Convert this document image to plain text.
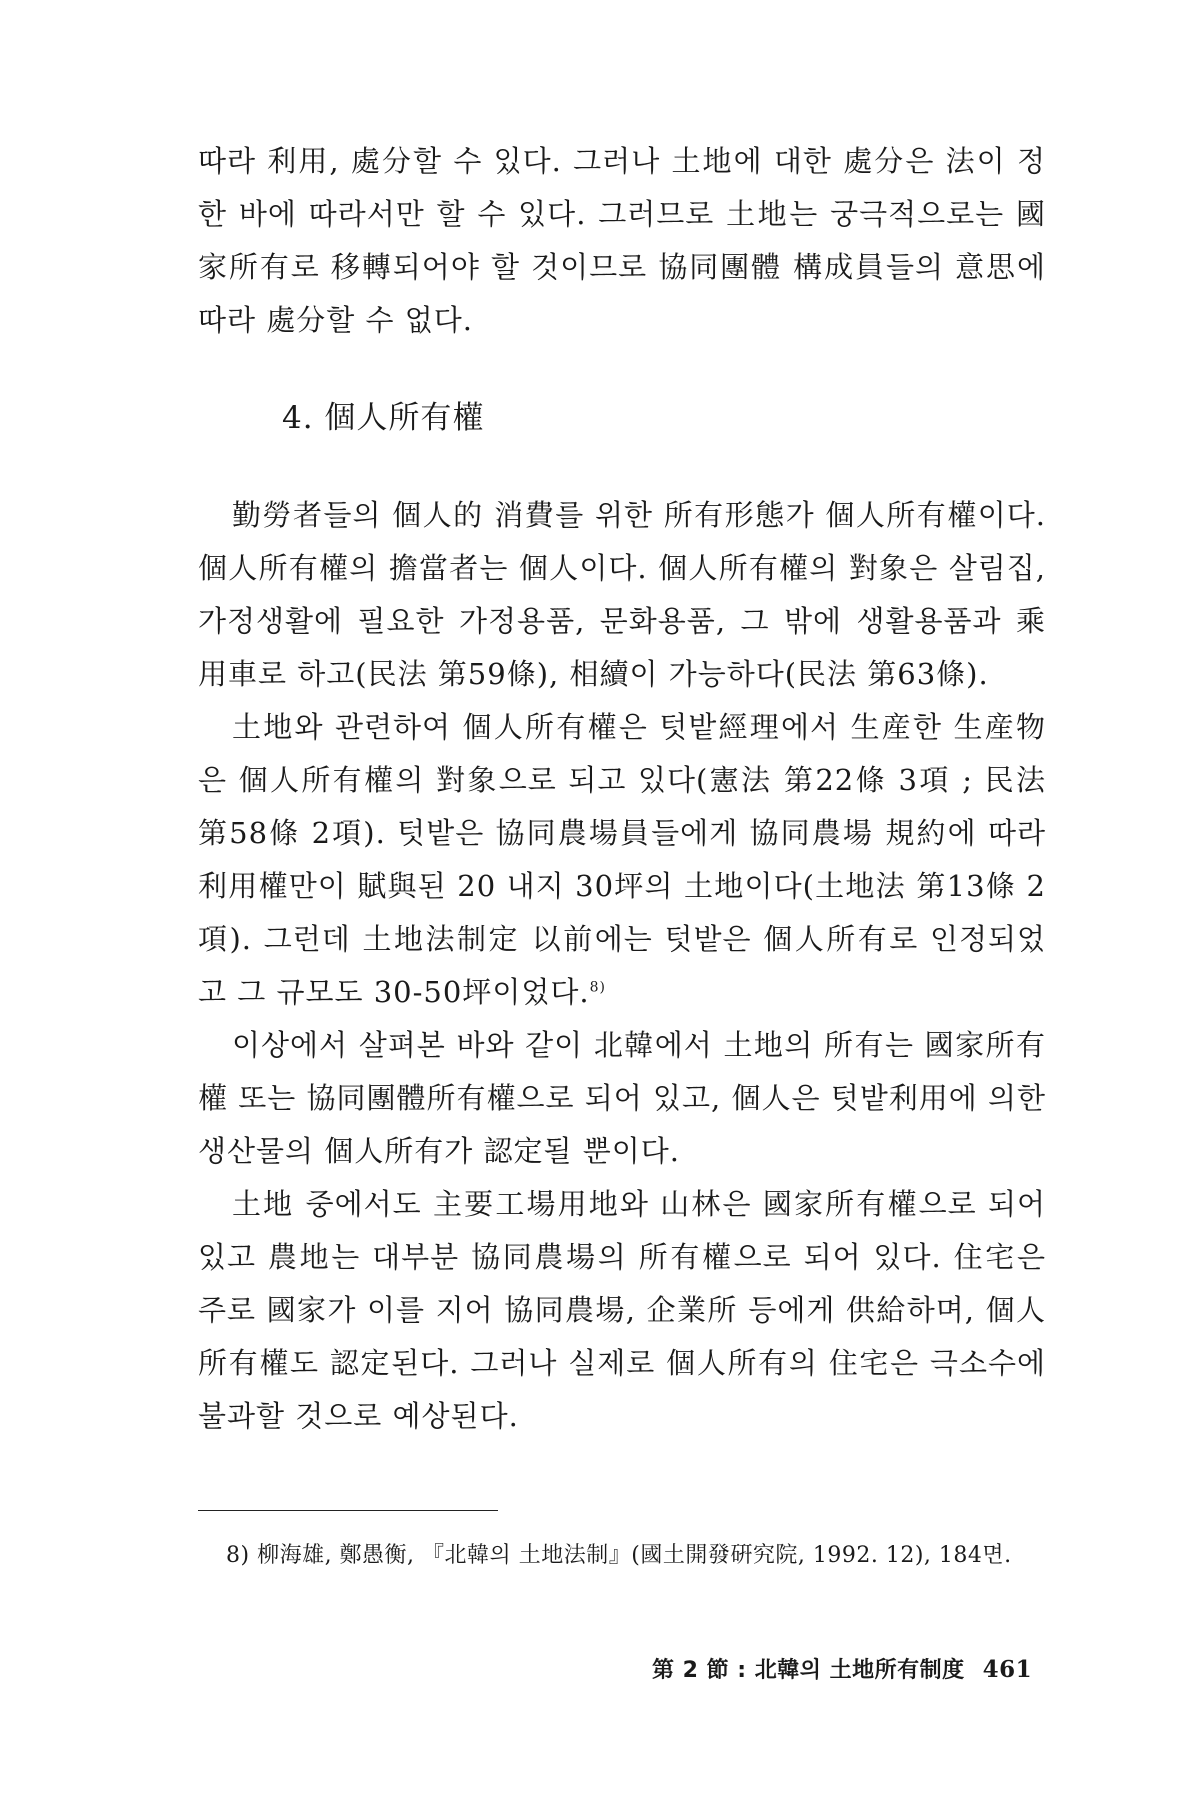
따라 利用, 處分할 수 있다. 그러나 土地에 대한 處分은 法이 정한 바에 따라서만 할 수 있다. 그러므로 土地는 궁극적으로는 國家所有로 移轉되어야 할 것이므로 協同團體 構成員들의 意思에 따라 處分할 수 없다.

4. 個人所有權

勤勞者들의 個人的 消費를 위한 所有形態가 個人所有權이다. 個人所有權의 擔當者는 個人이다. 個人所有權의 對象은 살림집, 가정생활에 필요한 가정용품, 문화용품, 그 밖에 생활용품과 乘用車로 하고(民法 第59條), 相續이 가능하다(民法 第63條).

土地와 관련하여 個人所有權은 텃밭經理에서 生産한 生産物은 個人所有權의 對象으로 되고 있다(憲法 第22條 3項 ; 民法 第58條 2項). 텃밭은 協同農場員들에게 協同農場 規約에 따라 利用權만이 賦與된 20 내지 30坪의 土地이다(土地法 第13條 2項). 그런데 土地法制定 以前에는 텃밭은 個人所有로 인정되었고 그 규모도 30-50坪이었다.$^{8)}$

이상에서 살펴본 바와 같이 北韓에서 土地의 所有는 國家所有權 또는 協同團體所有權으로 되어 있고, 個人은 텃밭利用에 의한 생산물의 個人所有가 認定될 뿐이다.

土地 중에서도 主要工場用地와 山林은 國家所有權으로 되어 있고 農地는 대부분 協同農場의 所有權으로 되어 있다. 住宅은 주로 國家가 이를 지어 協同農場, 企業所 등에게 供給하며, 個人所有權도 認定된다. 그러나 실제로 個人所有의 住宅은 극소수에 불과할 것으로 예상된다.

8) 柳海雄, 鄭愚衡, 『北韓의 土地法制』(國土開發硏究院, 1992. 12), 184면.

第 2 節 : 北韓의 土地所有制度 461
